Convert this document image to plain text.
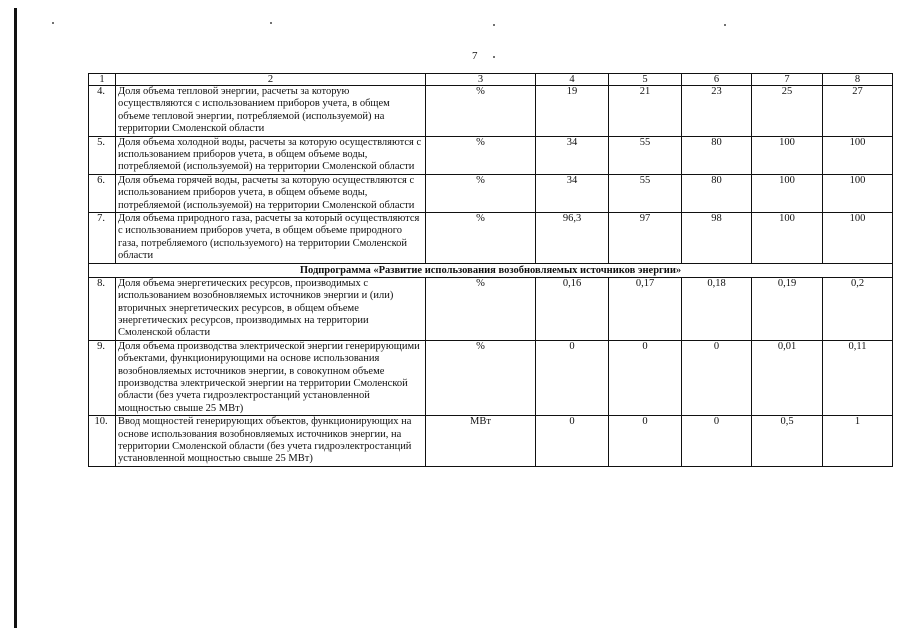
7
1	2	3	4	5	6	7	8
4.	Доля объема тепловой энергии, расчеты за которую осуществляются с использованием приборов учета, в общем объеме тепловой энергии, потребляемой (используемой) на территории Смоленской области	%	19	21	23	25	27
5.	Доля объема холодной воды, расчеты за которую осуществляются с использованием приборов учета, в общем объеме воды, потребляемой (используемой) на территории Смоленской области	%	34	55	80	100	100
6.	Доля объема горячей воды, расчеты за которую осуществляются с использованием приборов учета, в общем объеме воды, потребляемой (используемой) на территории Смоленской области	%	34	55	80	100	100
7.	Доля объема природного газа, расчеты за который осуществляются с использованием приборов учета, в общем объеме природного газа, потребляемого (используемого) на территории Смоленской области	%	96,3	97	98	100	100
Подпрограмма «Развитие использования возобновляемых источников энергии»							
8.	Доля объема энергетических ресурсов, производимых с использованием возобновляемых источников энергии и (или) вторичных энергетических ресурсов, в общем объеме энергетических ресурсов, производимых на территории Смоленской области	%	0,16	0,17	0,18	0,19	0,2
9.	Доля объема производства электрической энергии генерирующими объектами, функционирующими на основе использования возобновляемых источников энергии, в совокупном объеме производства электрической энергии на территории Смоленской области (без учета гидроэлектростанций установленной мощностью свыше 25 МВт)	%	0	0	0	0,01	0,11
10.	Ввод мощностей генерирующих объектов, функционирующих на основе использования возобновляемых источников энергии, на территории Смоленской области (без учета гидроэлектростанций установленной мощностью свыше 25 МВт)	МВт	0	0	0	0,5	1
